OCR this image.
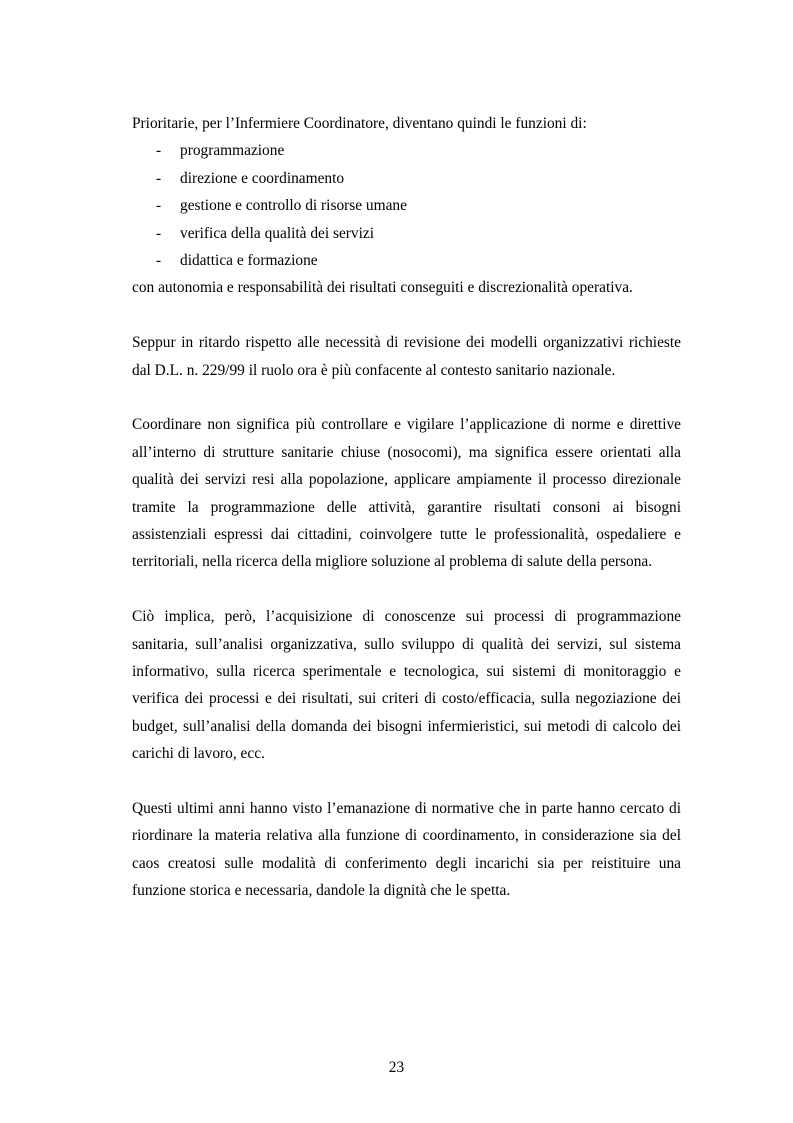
Prioritarie, per l’Infermiere Coordinatore, diventano quindi le funzioni di:

- programmazione
- direzione e coordinamento
- gestione e controllo di risorse umane
- verifica della qualità dei servizi
- didattica e formazione

con autonomia e responsabilità dei risultati conseguiti e discrezionalità operativa.

Seppur in ritardo rispetto alle necessità di revisione dei modelli organizzativi richieste dal D.L. n. 229/99 il ruolo ora è più confacente al contesto sanitario nazionale.

Coordinare non significa più controllare e vigilare l’applicazione di norme e direttive all’interno di strutture sanitarie chiuse (nosocomi), ma significa essere orientati alla qualità dei servizi resi alla popolazione, applicare ampiamente il processo direzionale tramite la programmazione delle attività, garantire risultati consoni ai bisogni assistenziali espressi dai cittadini, coinvolgere tutte le professionalità, ospedaliere e territoriali, nella ricerca della migliore soluzione al problema di salute della persona.

Ciò implica, però, l’acquisizione di conoscenze sui processi di programmazione sanitaria, sull’analisi organizzativa, sullo sviluppo di qualità dei servizi, sul sistema informativo, sulla ricerca sperimentale e tecnologica, sui sistemi di monitoraggio e verifica dei processi e dei risultati, sui criteri di costo/efficacia, sulla negoziazione dei budget, sull’analisi della domanda dei bisogni infermieristici, sui metodi di calcolo dei carichi di lavoro, ecc.

Questi ultimi anni hanno visto l’emanazione di normative che in parte hanno cercato di riordinare la materia relativa alla funzione di coordinamento, in considerazione sia del caos creatosi sulle modalità di conferimento degli incarichi sia per reistituire una funzione storica e necessaria, dandole la dignità che le spetta.

23
